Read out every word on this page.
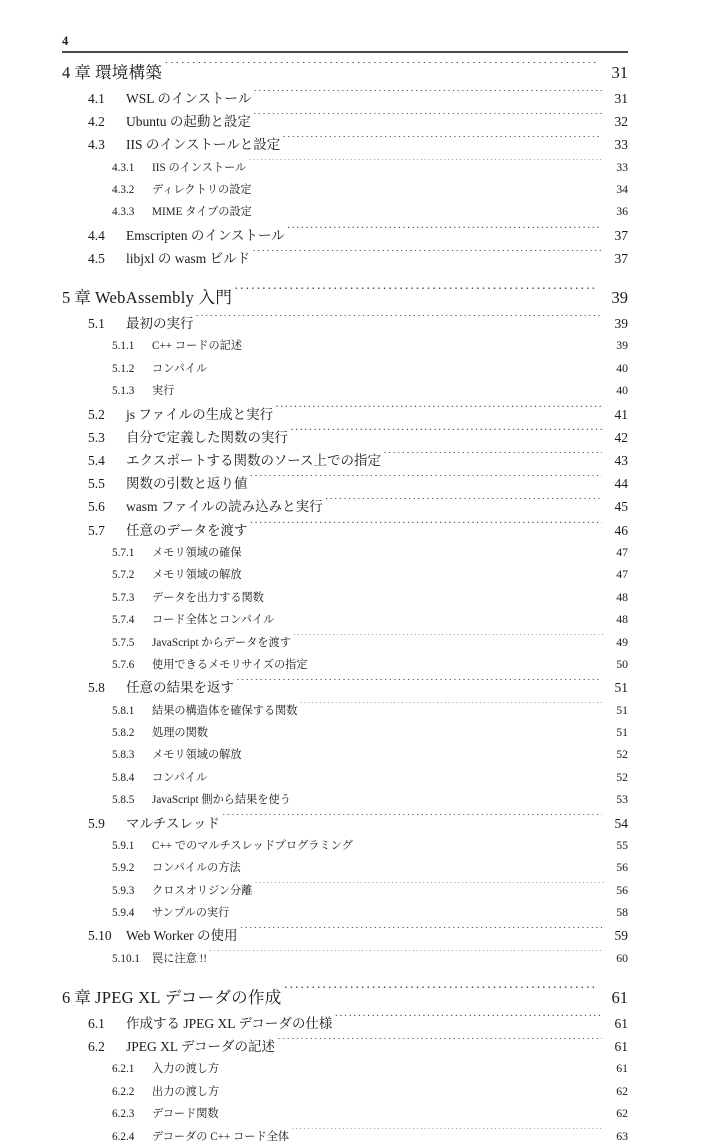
4
4 章 環境構築 ·····	31
4.1	WSL のインストール ·····	31
4.2	Ubuntu の起動と設定 ·····	32
4.3	IIS のインストールと設定 ·····	33
4.3.1	IIS のインストール ·····	33
4.3.2	ディレクトリの設定 ·····	34
4.3.3	MIME タイプの設定 ·····	36
4.4	Emscripten のインストール ·····	37
4.5	libjxl の wasm ビルド ·····	37
5 章 WebAssembly 入門 ·····	39
5.1	最初の実行 ·····	39
5.1.1	C++ コードの記述 ·····	39
5.1.2	コンパイル ·····	40
5.1.3	実行 ·····	40
5.2	js ファイルの生成と実行 ·····	41
5.3	自分で定義した関数の実行 ·····	42
5.4	エクスポートする関数のソース上での指定 ·····	43
5.5	関数の引数と返り値 ·····	44
5.6	wasm ファイルの読み込みと実行 ·····	45
5.7	任意のデータを渡す ·····	46
5.7.1	メモリ領域の確保 ·····	47
5.7.2	メモリ領域の解放 ·····	47
5.7.3	データを出力する関数 ·····	48
5.7.4	コード全体とコンパイル ·····	48
5.7.5	JavaScript からデータを渡す ·····	49
5.7.6	使用できるメモリサイズの指定 ·····	50
5.8	任意の結果を返す ·····	51
5.8.1	結果の構造体を確保する関数 ·····	51
5.8.2	処理の関数 ·····	51
5.8.3	メモリ領域の解放 ·····	52
5.8.4	コンパイル ·····	52
5.8.5	JavaScript 側から結果を使う ·····	53
5.9	マルチスレッド ·····	54
5.9.1	C++ でのマルチスレッドプログラミング ·····	55
5.9.2	コンパイルの方法 ·····	56
5.9.3	クロスオリジン分離 ·····	56
5.9.4	サンプルの実行 ·····	58
5.10	Web Worker の使用 ·····	59
5.10.1	罠に注意 !! ·····	60
6 章 JPEG XL デコーダの作成 ·····	61
6.1	作成する JPEG XL デコーダの仕様 ·····	61
6.2	JPEG XL デコーダの記述 ·····	61
6.2.1	入力の渡し方 ·····	61
6.2.2	出力の渡し方 ·····	62
6.2.3	デコード関数 ·····	62
6.2.4	デコーダの C++ コード全体 ·····	63
